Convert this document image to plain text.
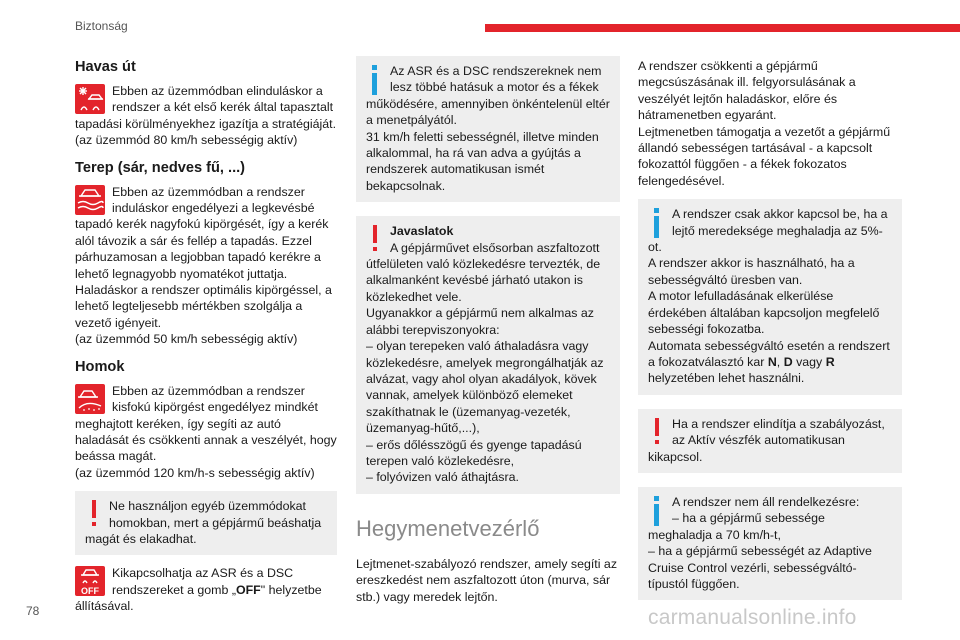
Biztonság
Havas út
Ebben az üzemmódban elinduláskor a rendszer a két első kerék által tapasztalt tapadási körülményekhez igazítja a stratégiáját.
(az üzemmód 80 km/h sebességig aktív)
Terep (sár, nedves fű, ...)
Ebben az üzemmódban a rendszer induláskor engedélyezi a legkevésbé tapadó kerék nagyfokú kipörgését, így a kerék alól távozik a sár és fellép a tapadás. Ezzel párhuzamosan a legjobban tapadó kerékre a lehető legnagyobb nyomatékot juttatja.
Haladáskor a rendszer optimális kipörgéssel, a lehető legteljesebb mértékben szolgálja a vezető igényeit.
(az üzemmód 50 km/h sebességig aktív)
Homok
Ebben az üzemmódban a rendszer kisfokú kipörgést engedélyez mindkét meghajtott keréken, így segíti az autó haladását és csökkenti annak a veszélyét, hogy beássa magát.
(az üzemmód 120 km/h-s sebességig aktív)
Ne használjon egyéb üzemmódokat homokban, mert a gépjármű beáshatja magát és elakadhat.
OFF
Kikapcsolhatja az ASR és a DSC rendszereket a gomb „OFF" helyzetbe állításával.
Az ASR és a DSC rendszereknek nem lesz többé hatásuk a motor és a fékek működésére, amennyiben önkéntelenül eltér a menetpályától.
31 km/h feletti sebességnél, illetve minden alkalommal, ha rá van adva a gyújtás a rendszerek automatikusan ismét bekapcsolnak.
Javaslatok
A gépjárművet elsősorban aszfaltozott útfelületen való közlekedésre tervezték, de alkalmanként kevésbé járható utakon is közlekedhet vele.
Ugyanakkor a gépjármű nem alkalmas az alábbi terepviszonyokra:
– olyan terepeken való áthaladásra vagy közlekedésre, amelyek megrongálhatják az alvázat, vagy ahol olyan akadályok, kövek vannak, amelyek különböző elemeket szakíthatnak le (üzemanyag-vezeték, üzemanyag-hűtő,...),
– erős dőlésszögű és gyenge tapadású terepen való közlekedésre,
– folyóvizen való áthajtásra.
Hegymenetvezérlő

Lejtmenet-szabályozó rendszer, amely segíti az ereszkedést nem aszfaltozott úton (murva, sár stb.) vagy meredek lejtőn.

A rendszer csökkenti a gépjármű megcsúszásának ill. felgyorsulásának a veszélyét lejtőn haladáskor, előre és hátramenetben egyaránt.

Lejtmenetben támogatja a vezetőt a gépjármű állandó sebességen tartásával - a kapcsolt fokozattól függően - a fékek fokozatos felengedésével.

A rendszer csak akkor kapcsol be, ha a lejtő meredeksége meghaladja az 5%-ot.
A rendszer akkor is használható, ha a sebességváltó üresben van.
A motor lefulladásának elkerülése érdekében általában kapcsoljon megfelelő sebességi fokozatba.
Automata sebességváltó esetén a rendszert a fokozatválasztó kar N, D vagy R helyzetében lehet használni.
Ha a rendszer elindítja a szabályozást, az Aktív vészfék automatikusan kikapcsol.
A rendszer nem áll rendelkezésre:
– ha a gépjármű sebessége meghaladja a 70 km/h-t,
– ha a gépjármű sebességét az Adaptive Cruise Control vezérli, sebességváltó-típustól függően.
78	carmanualsonline.info
